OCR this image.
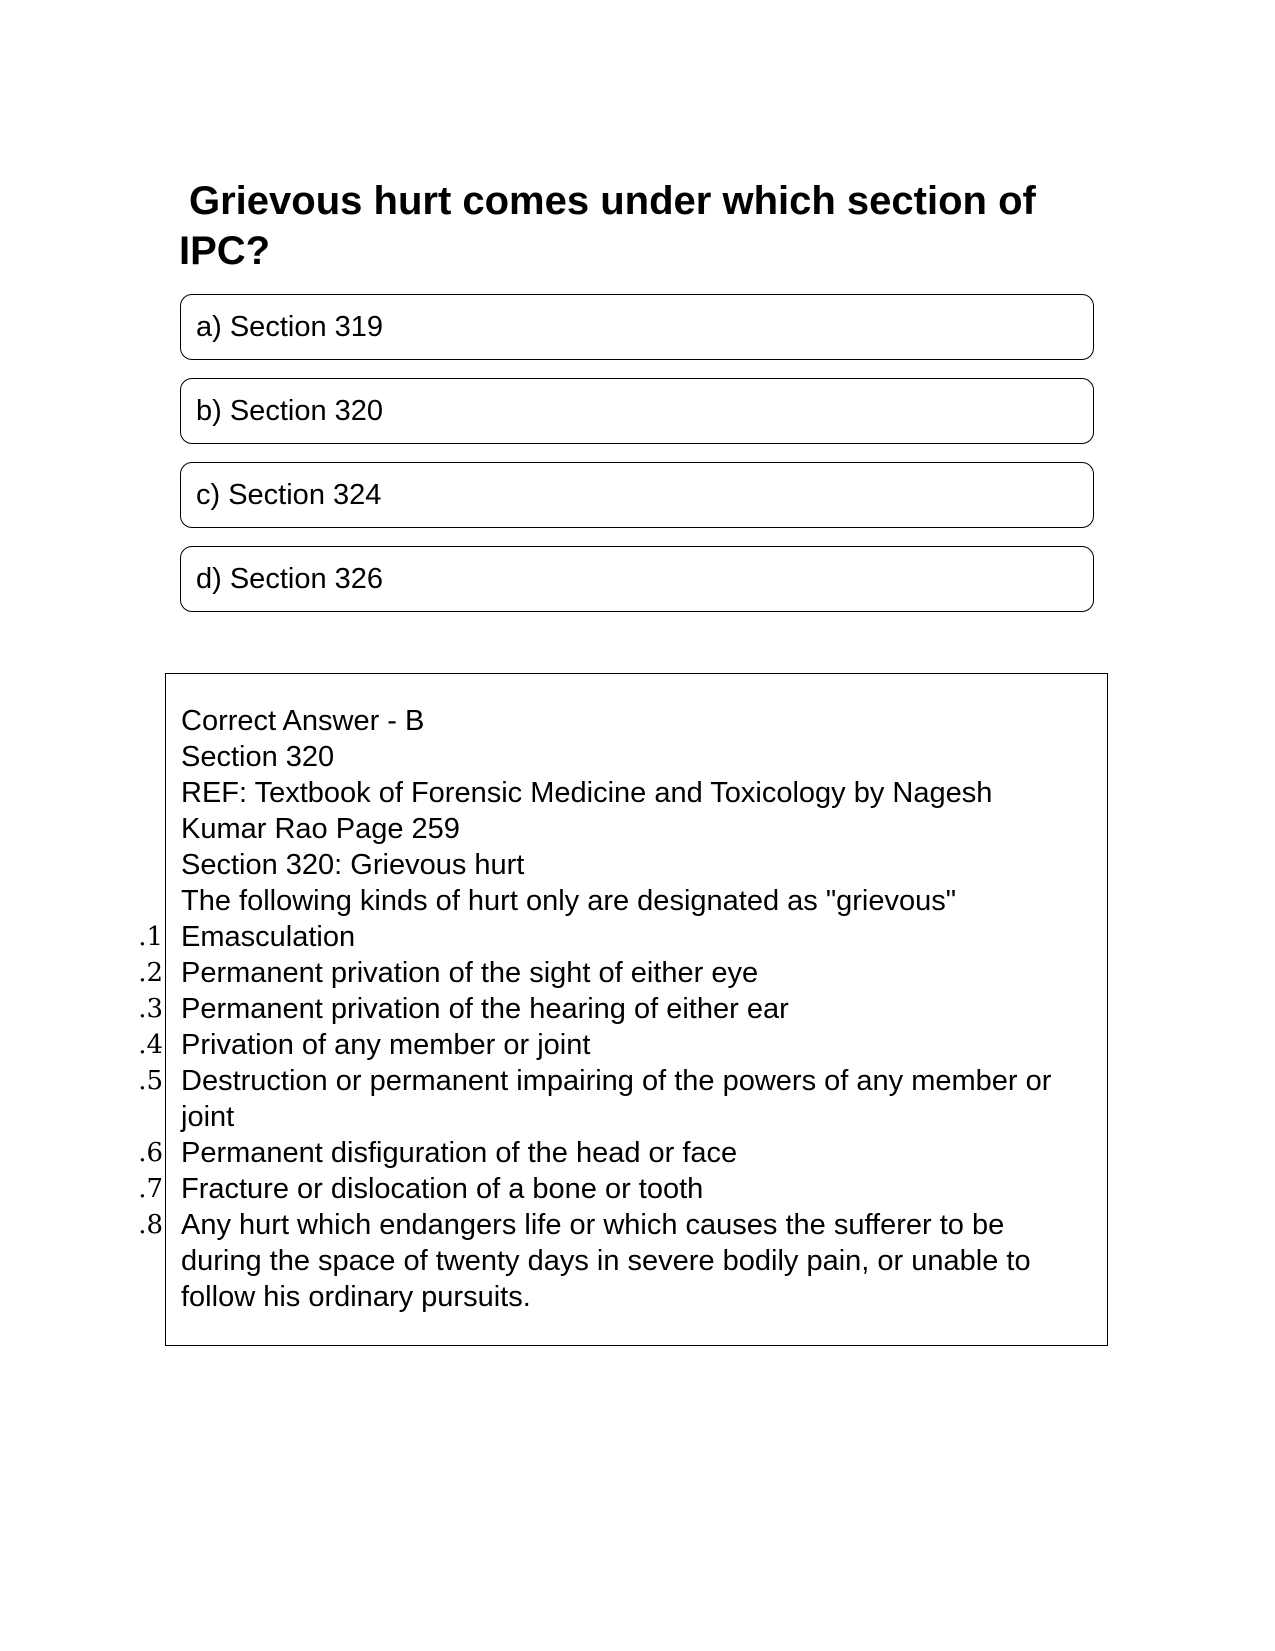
Grievous hurt comes under which section of IPC?
a) Section 319
b) Section 320
c) Section 324
d) Section 326
Correct Answer - B
Section 320
REF: Textbook of Forensic Medicine and Toxicology by Nagesh Kumar Rao Page 259
Section 320: Grievous hurt
The following kinds of hurt only are designated as "grievous"
1. Emasculation
2. Permanent privation of the sight of either eye
3. Permanent privation of the hearing of either ear
4. Privation of any member or joint
5. Destruction or permanent impairing of the powers of any member or joint
6. Permanent disfiguration of the head or face
7. Fracture or dislocation of a bone or tooth
8. Any hurt which endangers life or which causes the sufferer to be during the space of twenty days in severe bodily pain, or unable to follow his ordinary pursuits.
